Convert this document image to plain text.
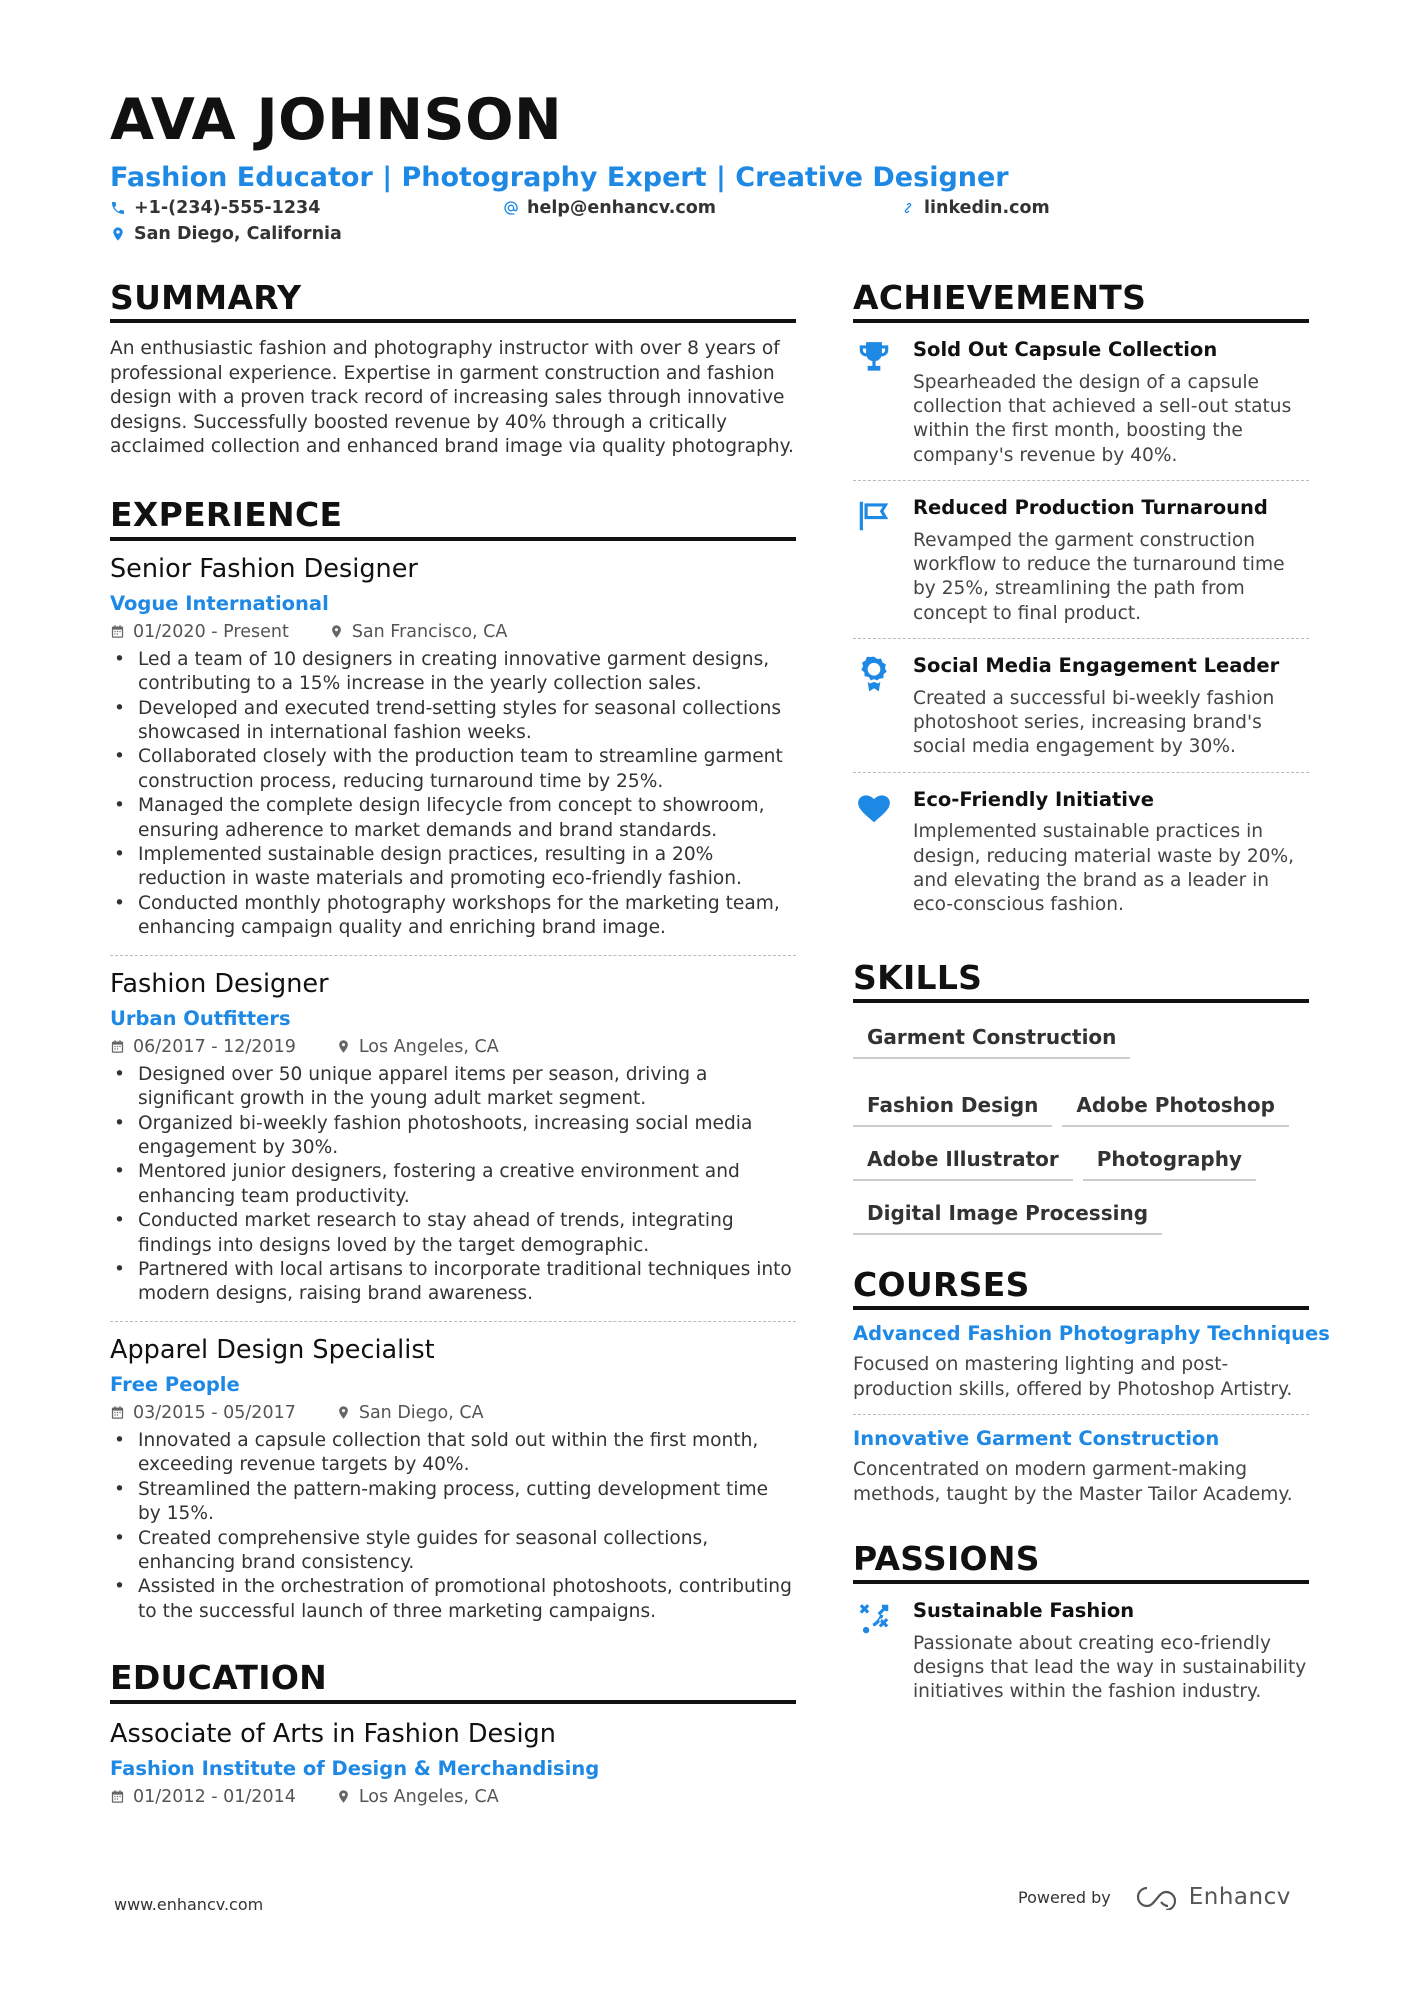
AVA JOHNSON
Fashion Educator | Photography Expert | Creative Designer
+1-(234)-555-1234	help@enhancv.com	linkedin.com
San Diego, California
SUMMARY

An enthusiastic fashion and photography instructor with over 8 years of professional experience. Expertise in garment construction and fashion design with a proven track record of increasing sales through innovative designs. Successfully boosted revenue by 40% through a critically acclaimed collection and enhanced brand image via quality photography.

EXPERIENCE
Senior Fashion Designer
Vogue International
01/2020 - Present	San Francisco, CA
• Led a team of 10 designers in creating innovative garment designs, contributing to a 15% increase in the yearly collection sales.
• Developed and executed trend-setting styles for seasonal collections showcased in international fashion weeks.
• Collaborated closely with the production team to streamline garment construction process, reducing turnaround time by 25%.
• Managed the complete design lifecycle from concept to showroom, ensuring adherence to market demands and brand standards.
• Implemented sustainable design practices, resulting in a 20% reduction in waste materials and promoting eco-friendly fashion.
• Conducted monthly photography workshops for the marketing team, enhancing campaign quality and enriching brand image.
Fashion Designer
Urban Outfitters
06/2017 - 12/2019	Los Angeles, CA
• Designed over 50 unique apparel items per season, driving a significant growth in the young adult market segment.
• Organized bi-weekly fashion photoshoots, increasing social media engagement by 30%.
• Mentored junior designers, fostering a creative environment and enhancing team productivity.
• Conducted market research to stay ahead of trends, integrating findings into designs loved by the target demographic.
• Partnered with local artisans to incorporate traditional techniques into modern designs, raising brand awareness.
Apparel Design Specialist
Free People
03/2015 - 05/2017	San Diego, CA
• Innovated a capsule collection that sold out within the first month, exceeding revenue targets by 40%.
• Streamlined the pattern-making process, cutting development time by 15%.
• Created comprehensive style guides for seasonal collections, enhancing brand consistency.
• Assisted in the orchestration of promotional photoshoots, contributing to the successful launch of three marketing campaigns.
EDUCATION
Associate of Arts in Fashion Design
Fashion Institute of Design & Merchandising
01/2012 - 01/2014	Los Angeles, CA
ACHIEVEMENTS
Sold Out Capsule Collection
Spearheaded the design of a capsule collection that achieved a sell-out status within the first month, boosting the company's revenue by 40%.
Reduced Production Turnaround
Revamped the garment construction workflow to reduce the turnaround time by 25%, streamlining the path from concept to final product.
Social Media Engagement Leader
Created a successful bi-weekly fashion photoshoot series, increasing brand's social media engagement by 30%.
Eco-Friendly Initiative
Implemented sustainable practices in design, reducing material waste by 20%, and elevating the brand as a leader in eco-conscious fashion.
SKILLS
Garment Construction
Fashion Design	Adobe Photoshop
Adobe Illustrator	Photography
Digital Image Processing
COURSES
Advanced Fashion Photography Techniques
Focused on mastering lighting and post-production skills, offered by Photoshop Artistry.
Innovative Garment Construction
Concentrated on modern garment-making methods, taught by the Master Tailor Academy.
PASSIONS
Sustainable Fashion
Passionate about creating eco-friendly designs that lead the way in sustainability initiatives within the fashion industry.
www.enhancv.com	Powered by	Enhancv
